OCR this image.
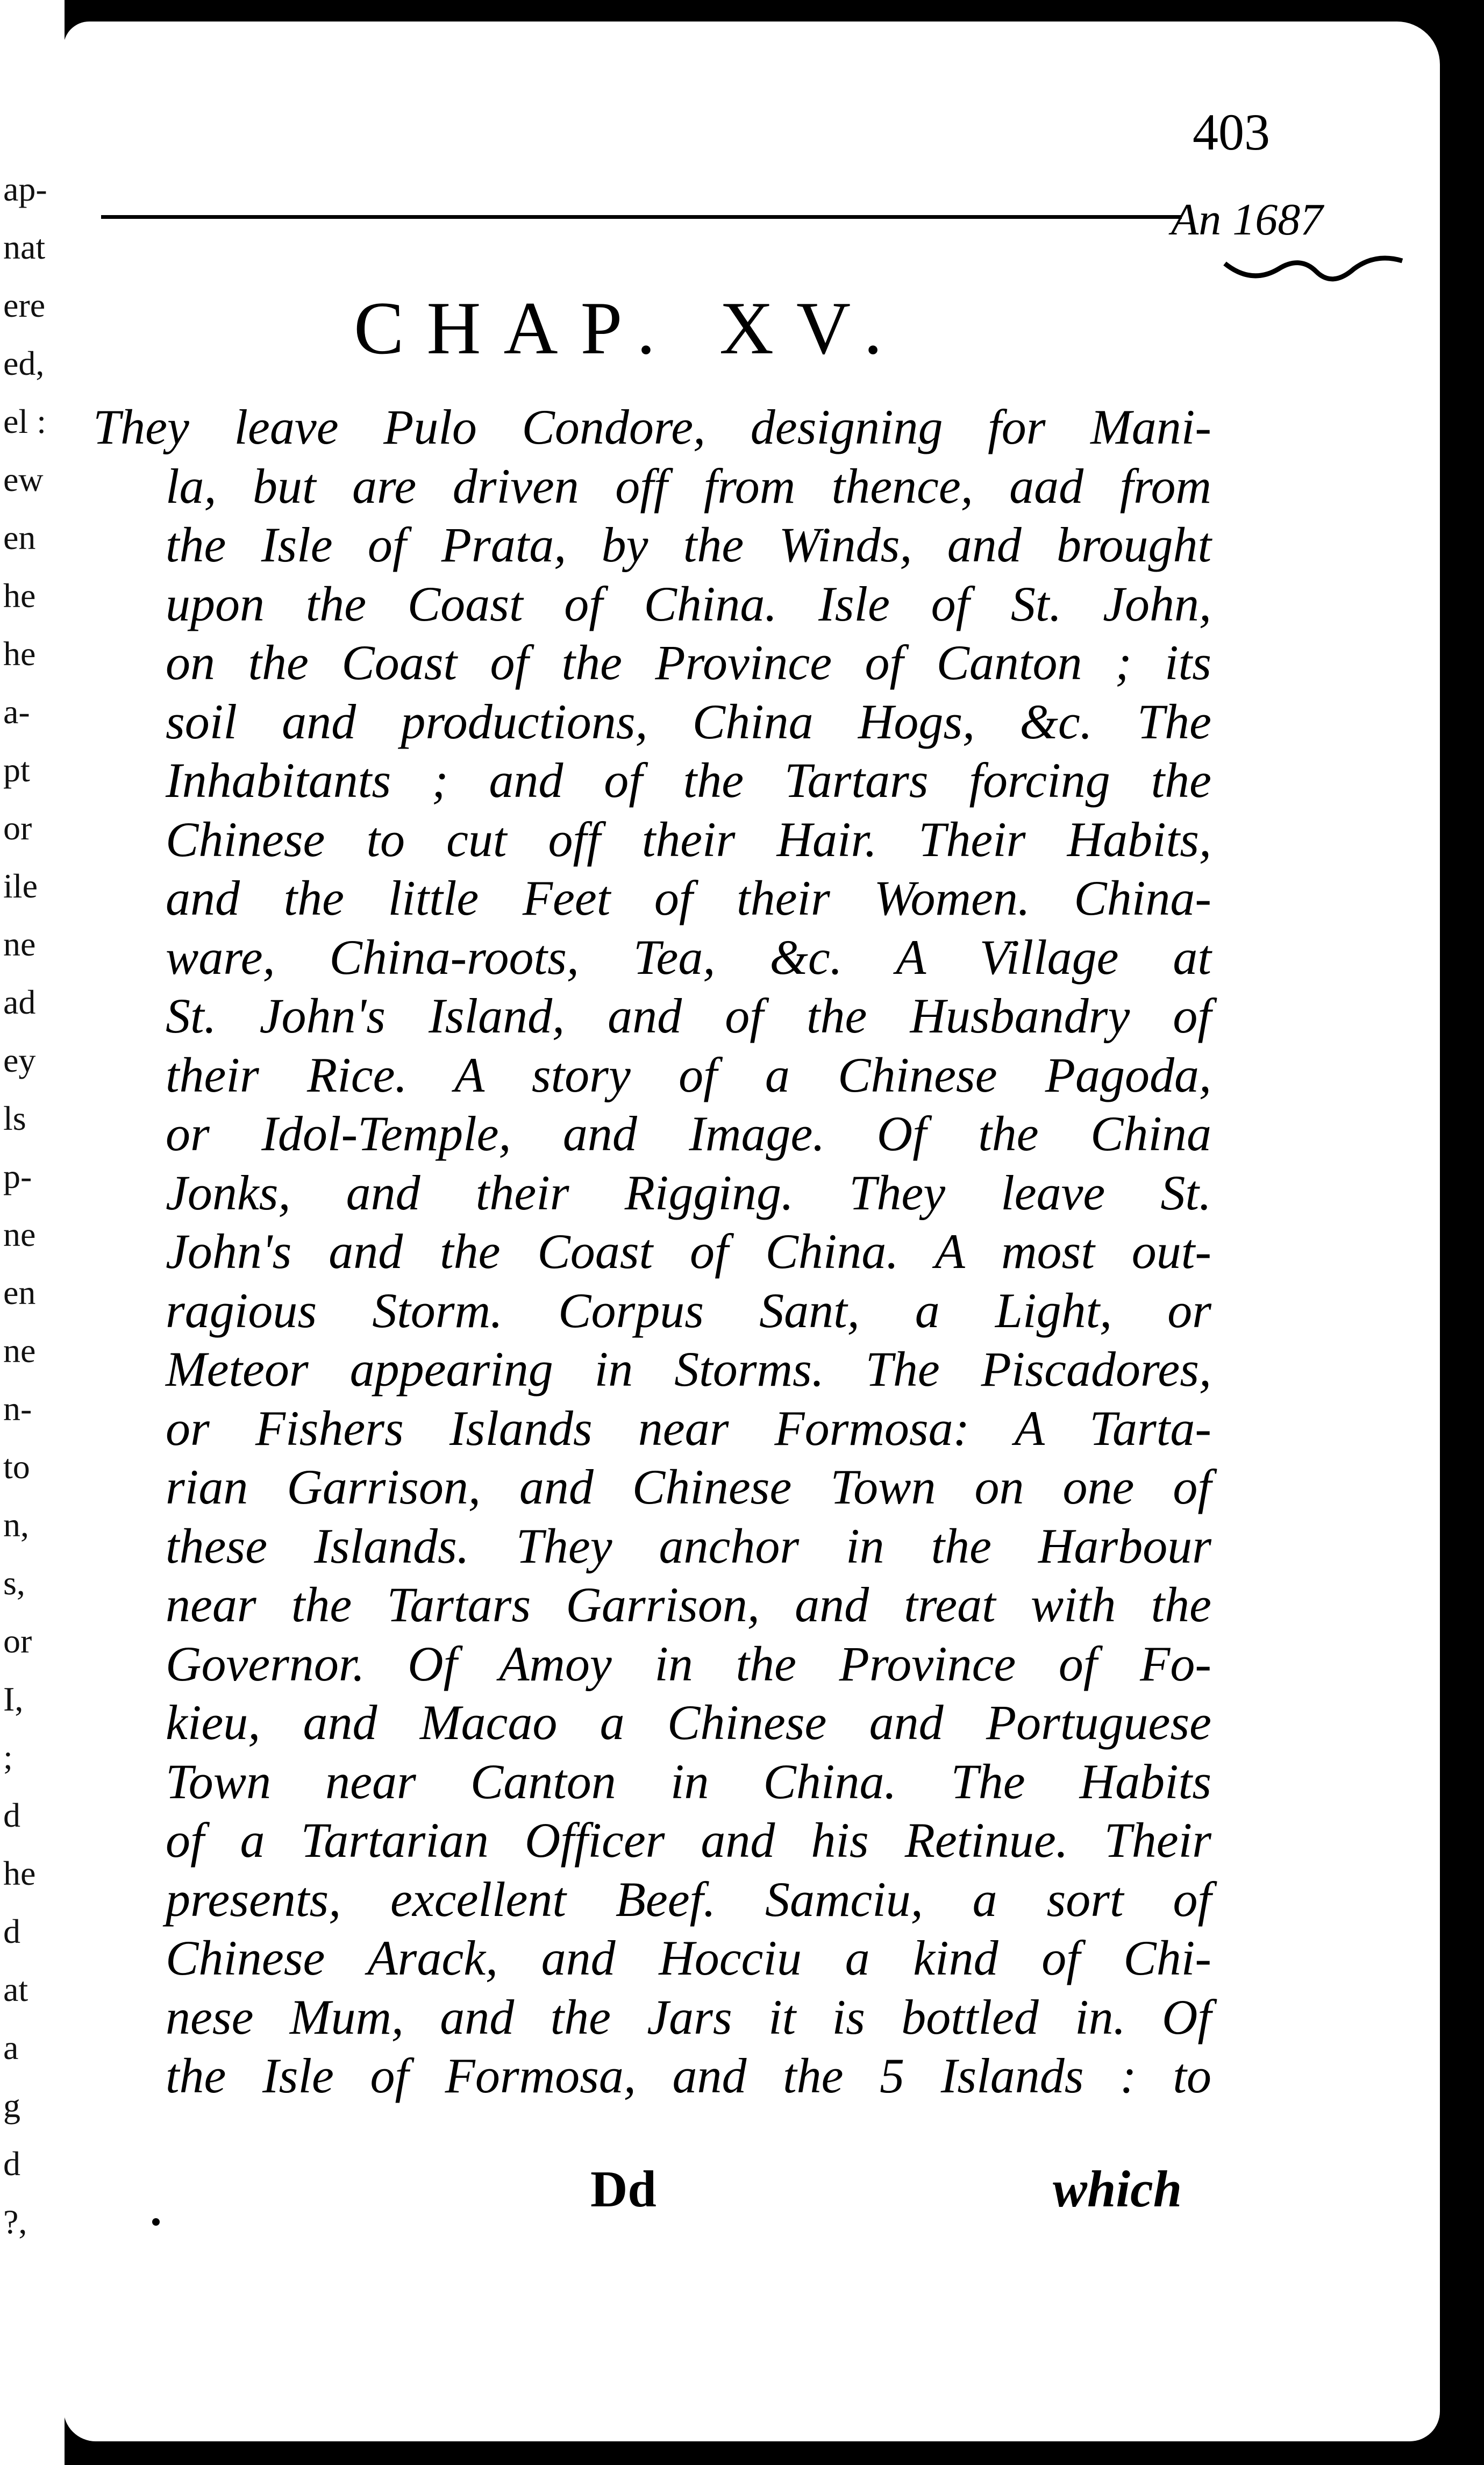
ap-
nat
ere
ed,
el :
ew
en
he
he
a-
pt
or
ile
ne
ad
ey
ls
p-
ne
en
ne
n-
to
n,
s,
or
I,
;
d
he
d
at
a
g
d
?,
403
An 1687
CHAP. XV.
They leave Pulo Condore, designing for Mani-
la, but are driven off from thence, aad from
the Isle of Prata, by the Winds, and brought
upon the Coast of China. Isle of St. John,
on the Coast of the Province of Canton ; its
soil and productions, China Hogs, &c. The
Inhabitants ; and of the Tartars forcing the
Chinese to cut off their Hair. Their Habits,
and the little Feet of their Women. China-
ware, China-roots, Tea, &c. A Village at
St. John's Island, and of the Husbandry of
their Rice. A story of a Chinese Pagoda,
or Idol-Temple, and Image. Of the China
Jonks, and their Rigging. They leave St.
John's and the Coast of China. A most out-
ragious Storm. Corpus Sant, a Light, or
Meteor appearing in Storms. The Piscadores,
or Fishers Islands near Formosa: A Tarta-
rian Garrison, and Chinese Town on one of
these Islands. They anchor in the Harbour
near the Tartars Garrison, and treat with the
Governor. Of Amoy in the Province of Fo-
kieu, and Macao a Chinese and Portuguese
Town near Canton in China. The Habits
of a Tartarian Officer and his Retinue. Their
presents, excellent Beef. Samciu, a sort of
Chinese Arack, and Hocciu a kind of Chi-
nese Mum, and the Jars it is bottled in. Of
the Isle of Formosa, and the 5 Islands : to
Dd	which
